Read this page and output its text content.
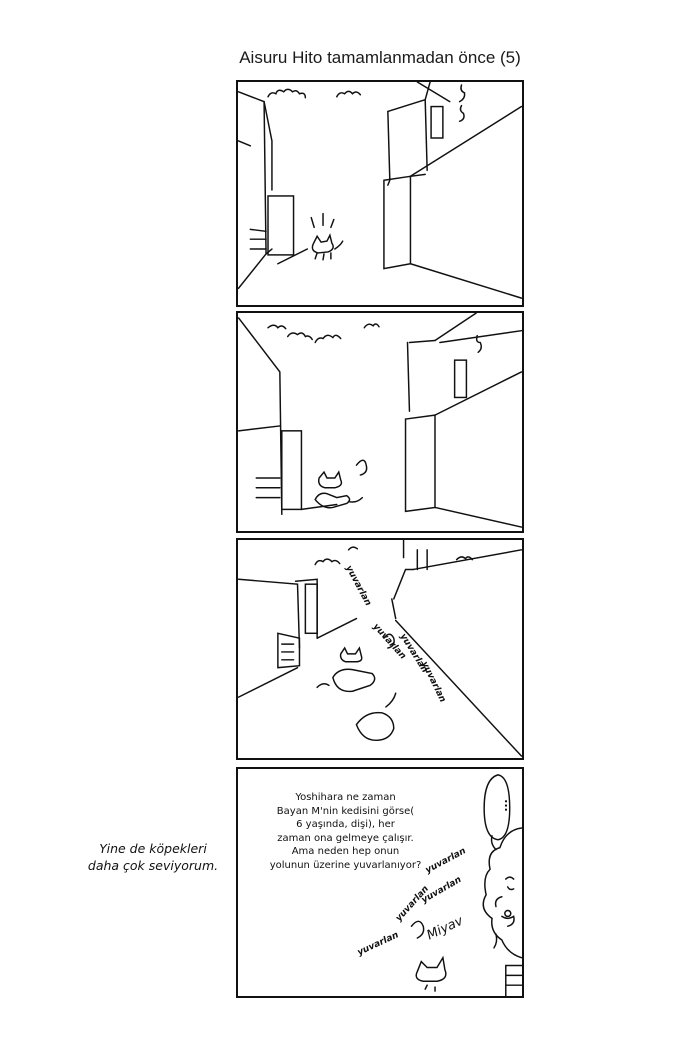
Aisuru Hito tamamlanmadan önce (5)
Yine de köpekleri
daha çok seviyorum.
yuvarlan
yuvarlan
yuvarlan
yuvarlan
Yoshihara ne zaman
Bayan M'nin kedisini görse(
6 yaşında, dişi), her
zaman ona gelmeye çalışır.
Ama neden hep onun
yolunun üzerine yuvarlanıyor?
...
yuvarlan
yuvarlan
yuvarlan
yuvarlan
Miyav
